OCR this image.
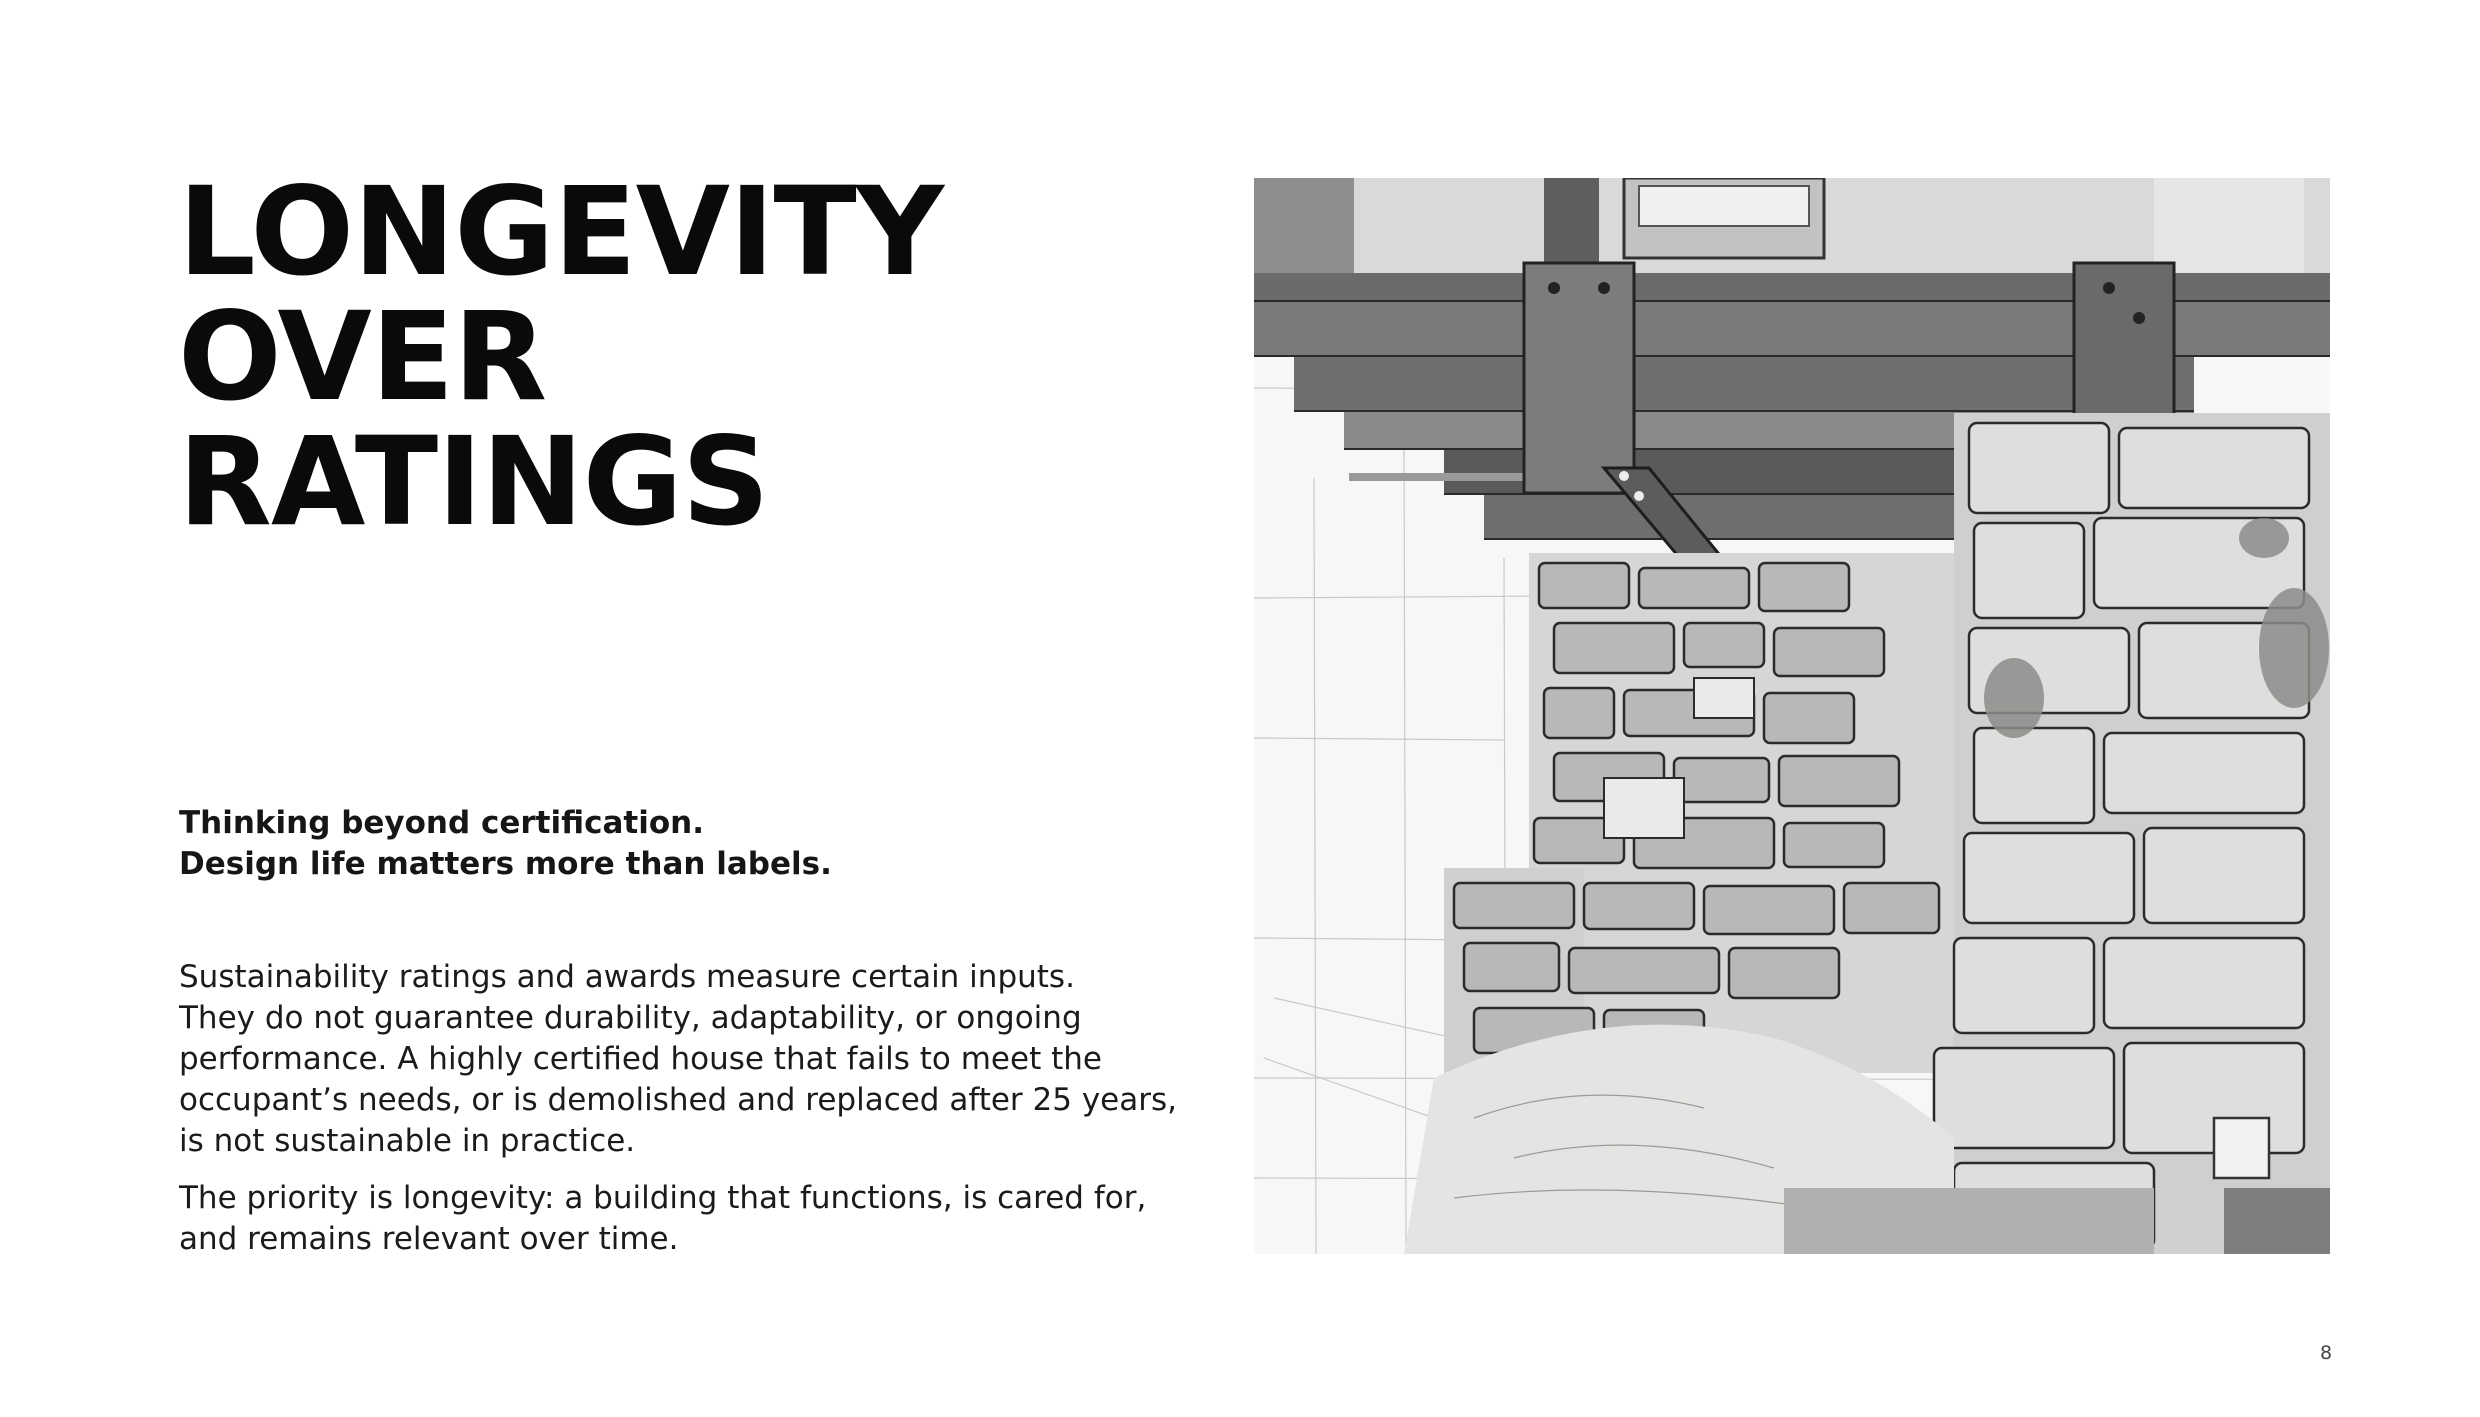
LONGEVITY
OVER
RATINGS
Thinking beyond certification.
Design life matters more than labels.

Sustainability ratings and awards measure certain inputs.
They do not guarantee durability, adaptability, or ongoing
performance. A highly certified house that fails to meet the
occupant’s needs, or is demolished and replaced after 25 years,
is not sustainable in practice.

The priority is longevity: a building that functions, is cared for,
and remains relevant over time.

8
